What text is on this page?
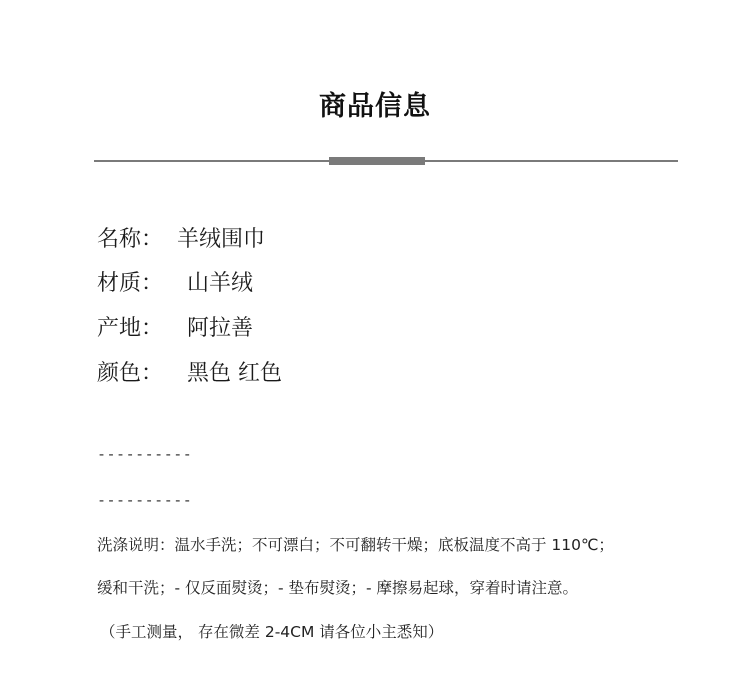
商品信息
名称： 羊绒围巾
材质： 山羊绒
产地： 阿拉善
颜色： 黑色 红色
----------
----------
洗涤说明：温水手洗；不可漂白；不可翻转干燥；底板温度不高于 110℃；
缓和干洗；- 仅反面熨烫；- 垫布熨烫；- 摩擦易起球，穿着时请注意。
（手工测量， 存在微差 2-4CM 请各位小主悉知）
